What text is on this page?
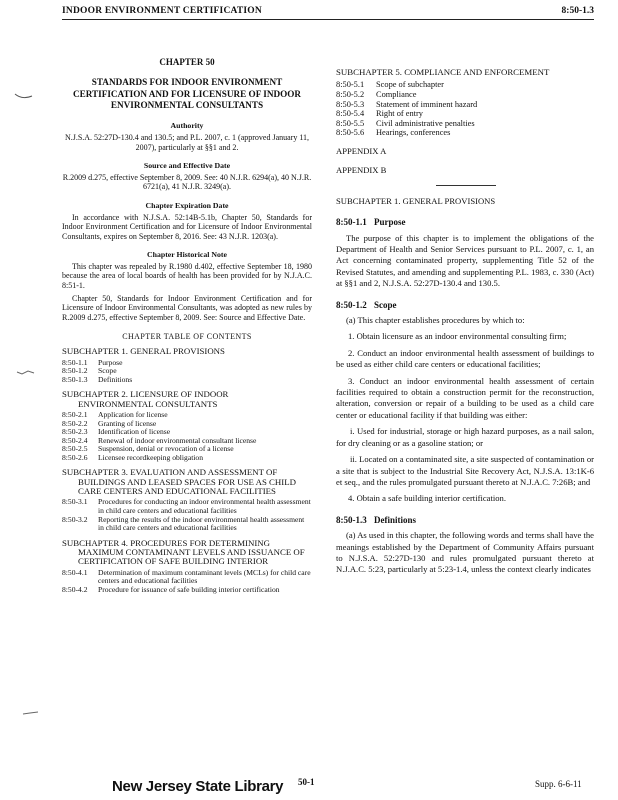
INDOOR ENVIRONMENT CERTIFICATION	8:50-1.3
CHAPTER 50
STANDARDS FOR INDOOR ENVIRONMENT CERTIFICATION AND FOR LICENSURE OF INDOOR ENVIRONMENTAL CONSULTANTS
Authority

N.J.S.A. 52:27D-130.4 and 130.5; and P.L. 2007, c. 1 (approved January 11, 2007), particularly at §§1 and 2.

Source and Effective Date

R.2009 d.275, effective September 8, 2009. See: 40 N.J.R. 6294(a), 40 N.J.R. 6721(a), 41 N.J.R. 3249(a).

Chapter Expiration Date

In accordance with N.J.S.A. 52:14B-5.1b, Chapter 50, Standards for Indoor Environment Certification and for Licensure of Indoor Environmental Consultants, expires on September 8, 2016. See: 43 N.J.R. 1203(a).

Chapter Historical Note

This chapter was repealed by R.1980 d.402, effective September 18, 1980 because the area of local boards of health has been provided for by N.J.A.C. 8:51-1.

Chapter 50, Standards for Indoor Environment Certification and for Licensure of Indoor Environmental Consultants, was adopted as new rules by R.2009 d.275, effective September 8, 2009. See: Source and Effective Date.

CHAPTER TABLE OF CONTENTS
SUBCHAPTER 1. GENERAL PROVISIONS
8:50-1.1	Purpose
8:50-1.2	Scope
8:50-1.3	Definitions
SUBCHAPTER 2. LICENSURE OF INDOOR
ENVIRONMENTAL CONSULTANTS
8:50-2.1	Application for license
8:50-2.2	Granting of license
8:50-2.3	Identification of license
8:50-2.4	Renewal of indoor environmental consultant license
8:50-2.5	Suspension, denial or revocation of a license
8:50-2.6	Licensee recordkeeping obligation
SUBCHAPTER 3. EVALUATION AND ASSESSMENT OF
BUILDINGS AND LEASED SPACES FOR USE AS CHILD CARE CENTERS AND EDUCATIONAL FACILITIES
8:50-3.1	Procedures for conducting an indoor environmental health assessment in child care centers and educational facilities
8:50-3.2	Reporting the results of the indoor environmental health assessment in child care centers and educational facilities
SUBCHAPTER 4. PROCEDURES FOR DETERMINING
MAXIMUM CONTAMINANT LEVELS AND ISSUANCE OF CERTIFICATION OF SAFE BUILDING INTERIOR
8:50-4.1	Determination of maximum contaminant levels (MCLs) for child care centers and educational facilities
8:50-4.2	Procedure for issuance of safe building interior certification
SUBCHAPTER 5. COMPLIANCE AND ENFORCEMENT
8:50-5.1	Scope of subchapter
8:50-5.2	Compliance
8:50-5.3	Statement of imminent hazard
8:50-5.4	Right of entry
8:50-5.5	Civil administrative penalties
8:50-5.6	Hearings, conferences
APPENDIX A
APPENDIX B
SUBCHAPTER 1. GENERAL PROVISIONS
8:50-1.1 Purpose

The purpose of this chapter is to implement the obligations of the Department of Health and Senior Services pursuant to P.L. 2007, c. 1, an Act concerning contaminated property, supplementing Title 52 of the Revised Statutes, and amending and supplementing P.L. 1983, c. 330 (Act) at §§1 and 2, N.J.S.A. 52:27D-130.4 and 130.5.

8:50-1.2 Scope

(a) This chapter establishes procedures by which to:

1. Obtain licensure as an indoor environmental consulting firm;

2. Conduct an indoor environmental health assessment of buildings to be used as either child care centers or educational facilities;

3. Conduct an indoor environmental health assessment of certain facilities required to obtain a construction permit for the reconstruction, alteration, conversion or repair of a building to be used as a child care center or educational facility if that building was either:

i. Used for industrial, storage or high hazard purposes, as a nail salon, for dry cleaning or as a gasoline station; or

ii. Located on a contaminated site, a site suspected of contamination or a site that is subject to the Industrial Site Recovery Act, N.J.S.A. 13:1K-6 et seq., and the rules promulgated pursuant thereto at N.J.A.C. 7:26B; and

4. Obtain a safe building interior certification.

8:50-1.3 Definitions

(a) As used in this chapter, the following words and terms shall have the meanings established by the Department of Community Affairs pursuant to N.J.S.A. 52:27D-130 and rules promulgated pursuant thereto at N.J.A.C. 5:23, particularly at 5:23-1.4, unless the context clearly indicates

New Jersey State Library 50-1	Supp. 6-6-11
